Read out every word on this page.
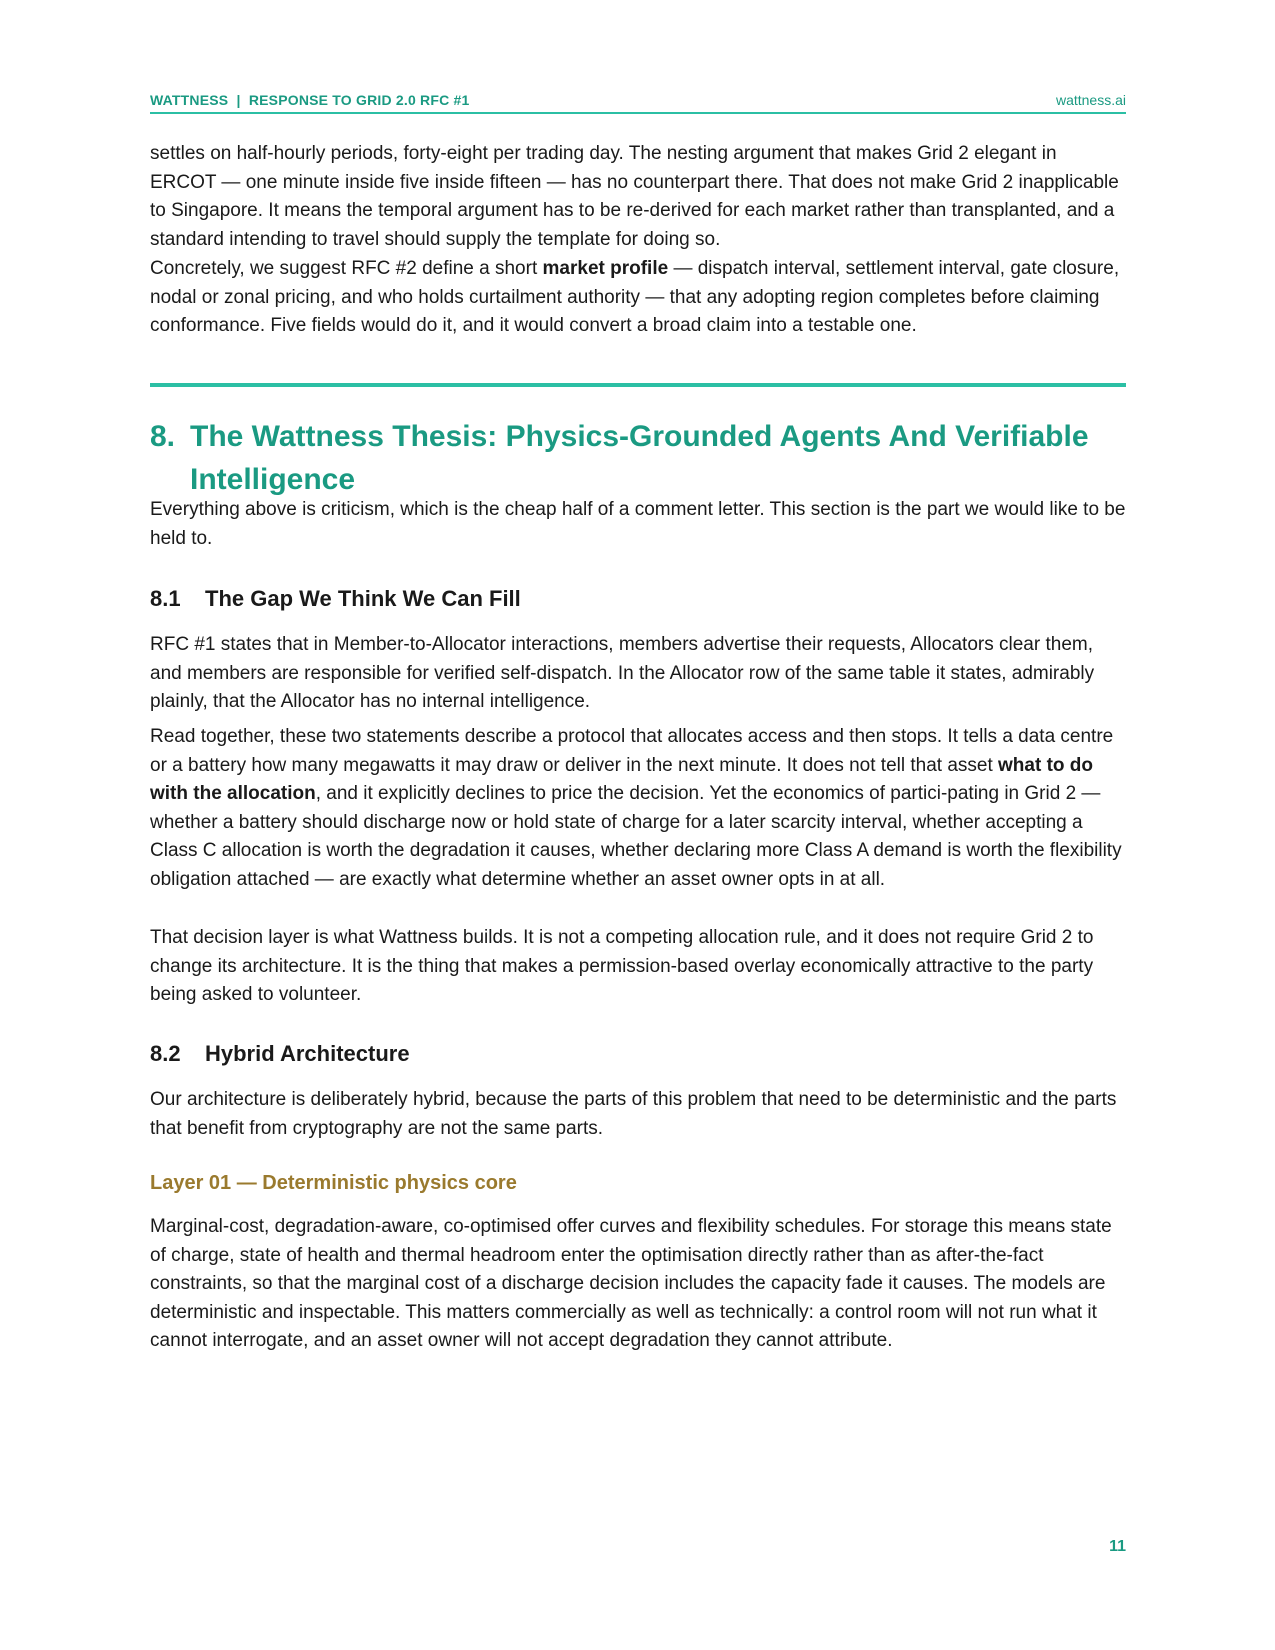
WATTNESS  |  RESPONSE TO GRID 2.0 RFC #1	wattness.ai

settles on half-hourly periods, forty-eight per trading day. The nesting argument that makes Grid 2 elegant in ERCOT — one minute inside five inside fifteen — has no counterpart there. That does not make Grid 2 inapplicable to Singapore. It means the temporal argument has to be re-derived for each market rather than transplanted, and a standard intending to travel should supply the template for doing so.

Concretely, we suggest RFC #2 define a short market profile — dispatch interval, settlement interval, gate closure, nodal or zonal pricing, and who holds curtailment authority — that any adopting region completes before claiming conformance. Five fields would do it, and it would convert a broad claim into a testable one.

8. The Wattness Thesis: Physics-Grounded Agents And Verifiable Intelligence

Everything above is criticism, which is the cheap half of a comment letter. This section is the part we would like to be held to.

8.1 The Gap We Think We Can Fill

RFC #1 states that in Member-to-Allocator interactions, members advertise their requests, Allocators clear them, and members are responsible for verified self-dispatch. In the Allocator row of the same table it states, admirably plainly, that the Allocator has no internal intelligence.

Read together, these two statements describe a protocol that allocates access and then stops. It tells a data centre or a battery how many megawatts it may draw or deliver in the next minute. It does not tell that asset what to do with the allocation, and it explicitly declines to price the decision. Yet the economics of partici-pating in Grid 2 — whether a battery should discharge now or hold state of charge for a later scarcity interval, whether accepting a Class C allocation is worth the degradation it causes, whether declaring more Class A demand is worth the flexibility obligation attached — are exactly what determine whether an asset owner opts in at all.

That decision layer is what Wattness builds. It is not a competing allocation rule, and it does not require Grid 2 to change its architecture. It is the thing that makes a permission-based overlay economically attractive to the party being asked to volunteer.

8.2 Hybrid Architecture

Our architecture is deliberately hybrid, because the parts of this problem that need to be deterministic and the parts that benefit from cryptography are not the same parts.

Layer 01 — Deterministic physics core

Marginal-cost, degradation-aware, co-optimised offer curves and flexibility schedules. For storage this means state of charge, state of health and thermal headroom enter the optimisation directly rather than as after-the-fact constraints, so that the marginal cost of a discharge decision includes the capacity fade it causes. The models are deterministic and inspectable. This matters commercially as well as technically: a control room will not run what it cannot interrogate, and an asset owner will not accept degradation they cannot attribute.

11
